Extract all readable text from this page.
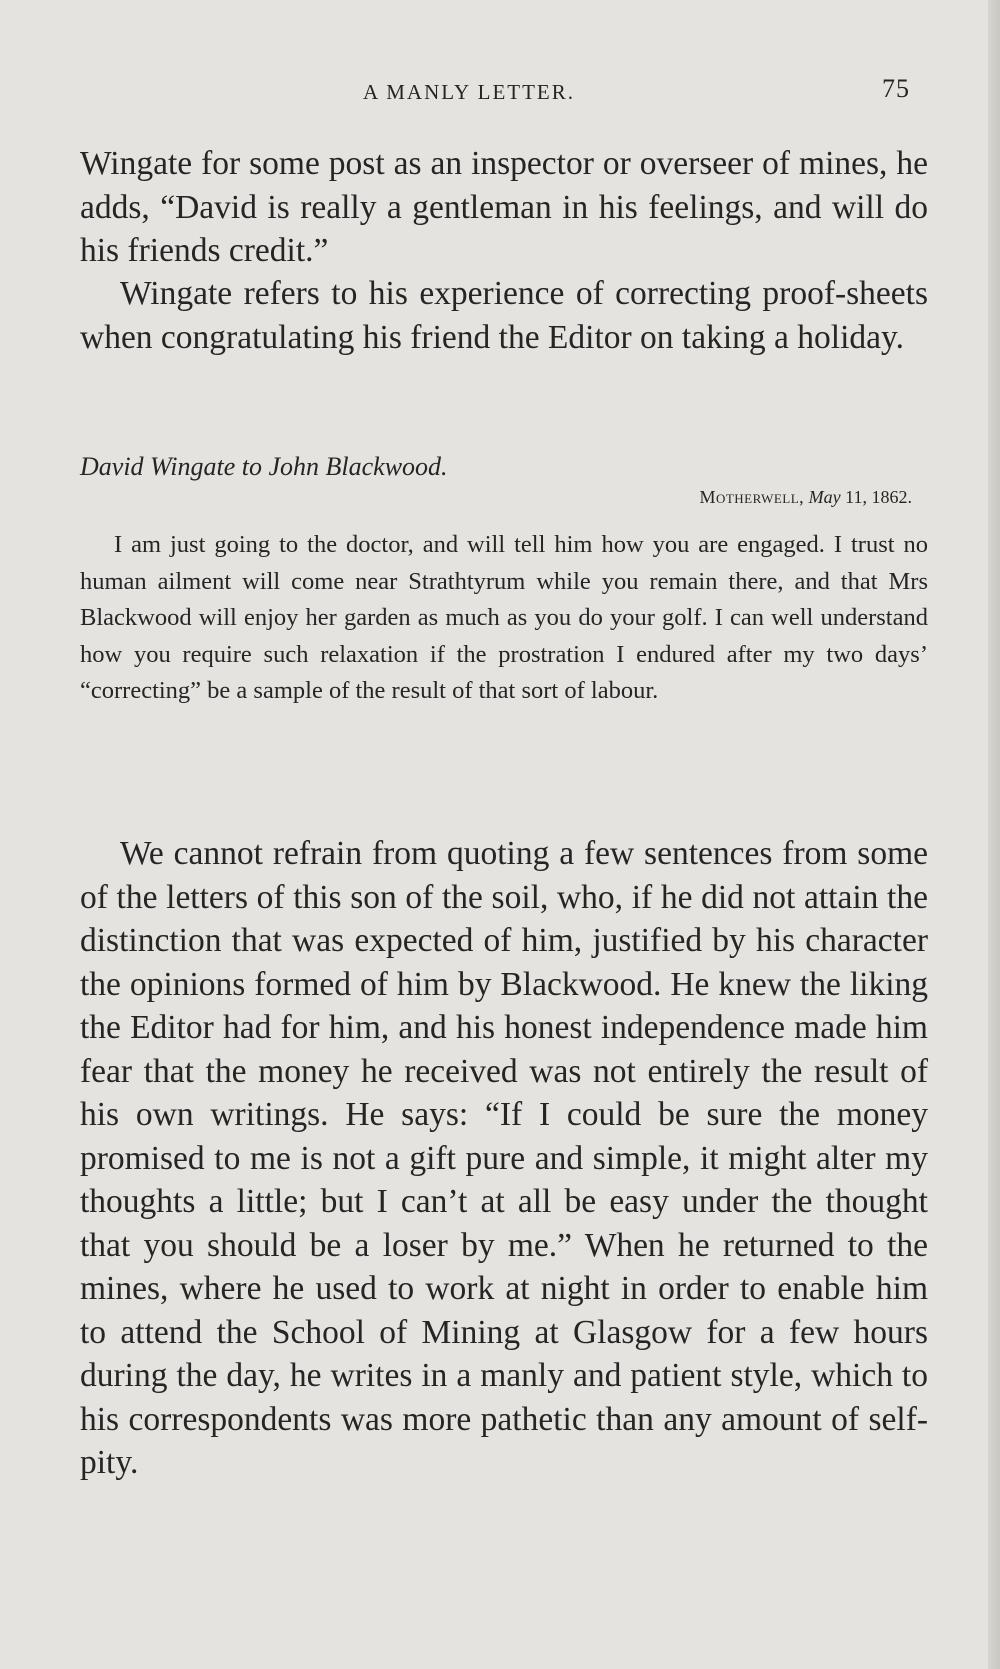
A MANLY LETTER.	75

Wingate for some post as an inspector or overseer of mines, he adds, “David is really a gentleman in his feelings, and will do his friends credit.”

Wingate refers to his experience of correcting proof-sheets when congratulating his friend the Editor on taking a holiday.

David Wingate to John Blackwood.
Motherwell, May 11, 1862.

I am just going to the doctor, and will tell him how you are engaged. I trust no human ailment will come near Strathtyrum while you remain there, and that Mrs Blackwood will enjoy her garden as much as you do your golf. I can well understand how you require such relaxation if the prostration I endured after my two days’ “correcting” be a sample of the result of that sort of labour.

We cannot refrain from quoting a few sentences from some of the letters of this son of the soil, who, if he did not attain the distinction that was expected of him, justified by his character the opinions formed of him by Blackwood. He knew the liking the Editor had for him, and his honest independence made him fear that the money he received was not entirely the result of his own writings. He says: “If I could be sure the money promised to me is not a gift pure and simple, it might alter my thoughts a little; but I can’t at all be easy under the thought that you should be a loser by me.” When he returned to the mines, where he used to work at night in order to enable him to attend the School of Mining at Glasgow for a few hours during the day, he writes in a manly and patient style, which to his correspondents was more pathetic than any amount of self-pity.
